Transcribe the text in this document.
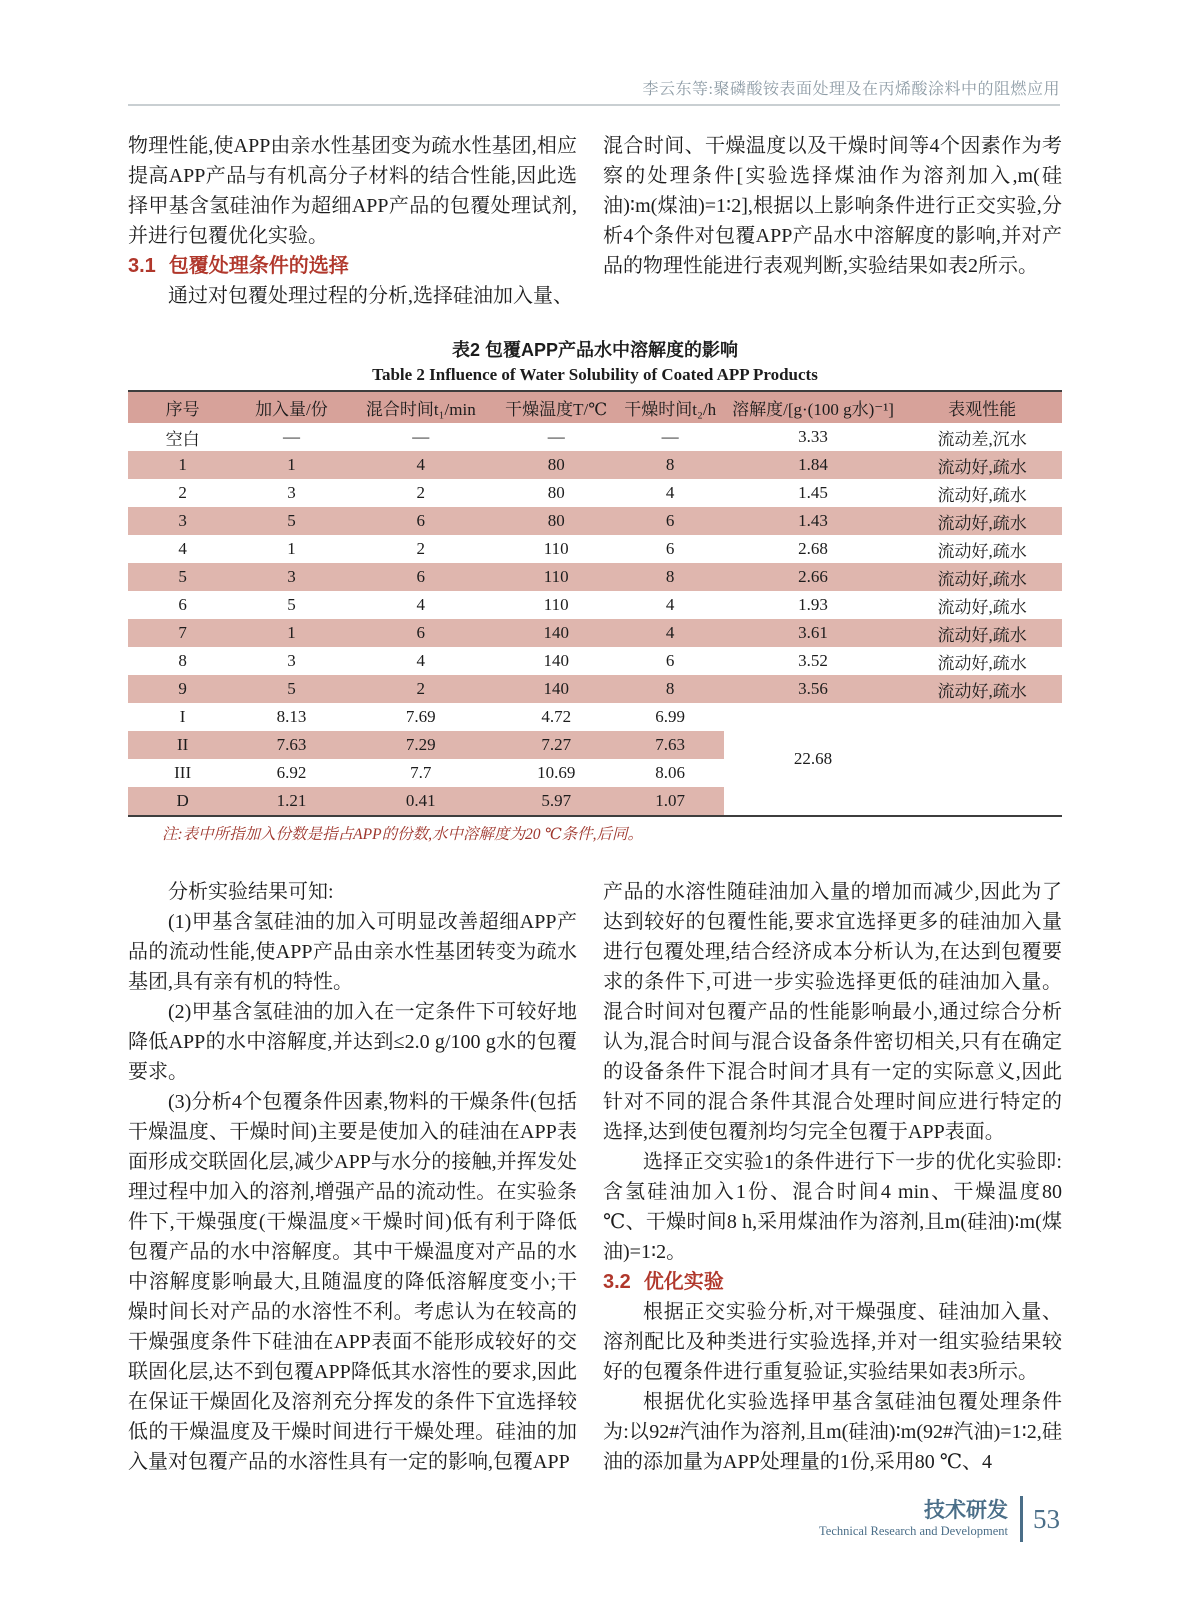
李云东等:聚磷酸铵表面处理及在丙烯酸涂料中的阻燃应用

物理性能,使APP由亲水性基团变为疏水性基团,相应提高APP产品与有机高分子材料的结合性能,因此选择甲基含氢硅油作为超细APP产品的包覆处理试剂,并进行包覆优化实验。

3.1 包覆处理条件的选择

通过对包覆处理过程的分析,选择硅油加入量、

混合时间、干燥温度以及干燥时间等4个因素作为考察的处理条件[实验选择煤油作为溶剂加入,m(硅油)∶m(煤油)=1∶2],根据以上影响条件进行正交实验,分析4个条件对包覆APP产品水中溶解度的影响,并对产品的物理性能进行表观判断,实验结果如表2所示。

表2 包覆APP产品水中溶解度的影响

Table 2 Influence of Water Solubility of Coated APP Products

序号	加入量/份	混合时间t₁/min	干燥温度T/℃	干燥时间t₂/h	溶解度/[g·(100 g水)⁻¹]	表观性能
空白	—	—	—	—	3.33	流动差,沉水
1	1	4	80	8	1.84	流动好,疏水
2	3	2	80	4	1.45	流动好,疏水
3	5	6	80	6	1.43	流动好,疏水
4	1	2	110	6	2.68	流动好,疏水
5	3	6	110	8	2.66	流动好,疏水
6	5	4	110	4	1.93	流动好,疏水
7	1	6	140	4	3.61	流动好,疏水
8	3	4	140	6	3.52	流动好,疏水
9	5	2	140	8	3.56	流动好,疏水
I	8.13	7.69	4.72	6.99	22.68	
II	7.63	7.29	7.27	7.63		
III	6.92	7.7	10.69	8.06		
D	1.21	0.41	5.97	1.07		

注:表中所指加入份数是指占APP的份数,水中溶解度为20 ℃条件,后同。

分析实验结果可知:

(1)甲基含氢硅油的加入可明显改善超细APP产品的流动性能,使APP产品由亲水性基团转变为疏水基团,具有亲有机的特性。

(2)甲基含氢硅油的加入在一定条件下可较好地降低APP的水中溶解度,并达到≤2.0 g/100 g水的包覆要求。

(3)分析4个包覆条件因素,物料的干燥条件(包括干燥温度、干燥时间)主要是使加入的硅油在APP表面形成交联固化层,减少APP与水分的接触,并挥发处理过程中加入的溶剂,增强产品的流动性。在实验条件下,干燥强度(干燥温度×干燥时间)低有利于降低包覆产品的水中溶解度。其中干燥温度对产品的水中溶解度影响最大,且随温度的降低溶解度变小;干燥时间长对产品的水溶性不利。考虑认为在较高的干燥强度条件下硅油在APP表面不能形成较好的交联固化层,达不到包覆APP降低其水溶性的要求,因此在保证干燥固化及溶剂充分挥发的条件下宜选择较低的干燥温度及干燥时间进行干燥处理。硅油的加入量对包覆产品的水溶性具有一定的影响,包覆APP

产品的水溶性随硅油加入量的增加而减少,因此为了达到较好的包覆性能,要求宜选择更多的硅油加入量进行包覆处理,结合经济成本分析认为,在达到包覆要求的条件下,可进一步实验选择更低的硅油加入量。混合时间对包覆产品的性能影响最小,通过综合分析认为,混合时间与混合设备条件密切相关,只有在确定的设备条件下混合时间才具有一定的实际意义,因此针对不同的混合条件其混合处理时间应进行特定的选择,达到使包覆剂均匀完全包覆于APP表面。

选择正交实验1的条件进行下一步的优化实验即:含氢硅油加入1份、混合时间4 min、干燥温度80 ℃、干燥时间8 h,采用煤油作为溶剂,且m(硅油)∶m(煤油)=1∶2。

3.2 优化实验

根据正交实验分析,对干燥强度、硅油加入量、溶剂配比及种类进行实验选择,并对一组实验结果较好的包覆条件进行重复验证,实验结果如表3所示。

根据优化实验选择甲基含氢硅油包覆处理条件为:以92#汽油作为溶剂,且m(硅油)∶m(92#汽油)=1∶2,硅油的添加量为APP处理量的1份,采用80 ℃、4

技术研发
Technical Research and Development 53
